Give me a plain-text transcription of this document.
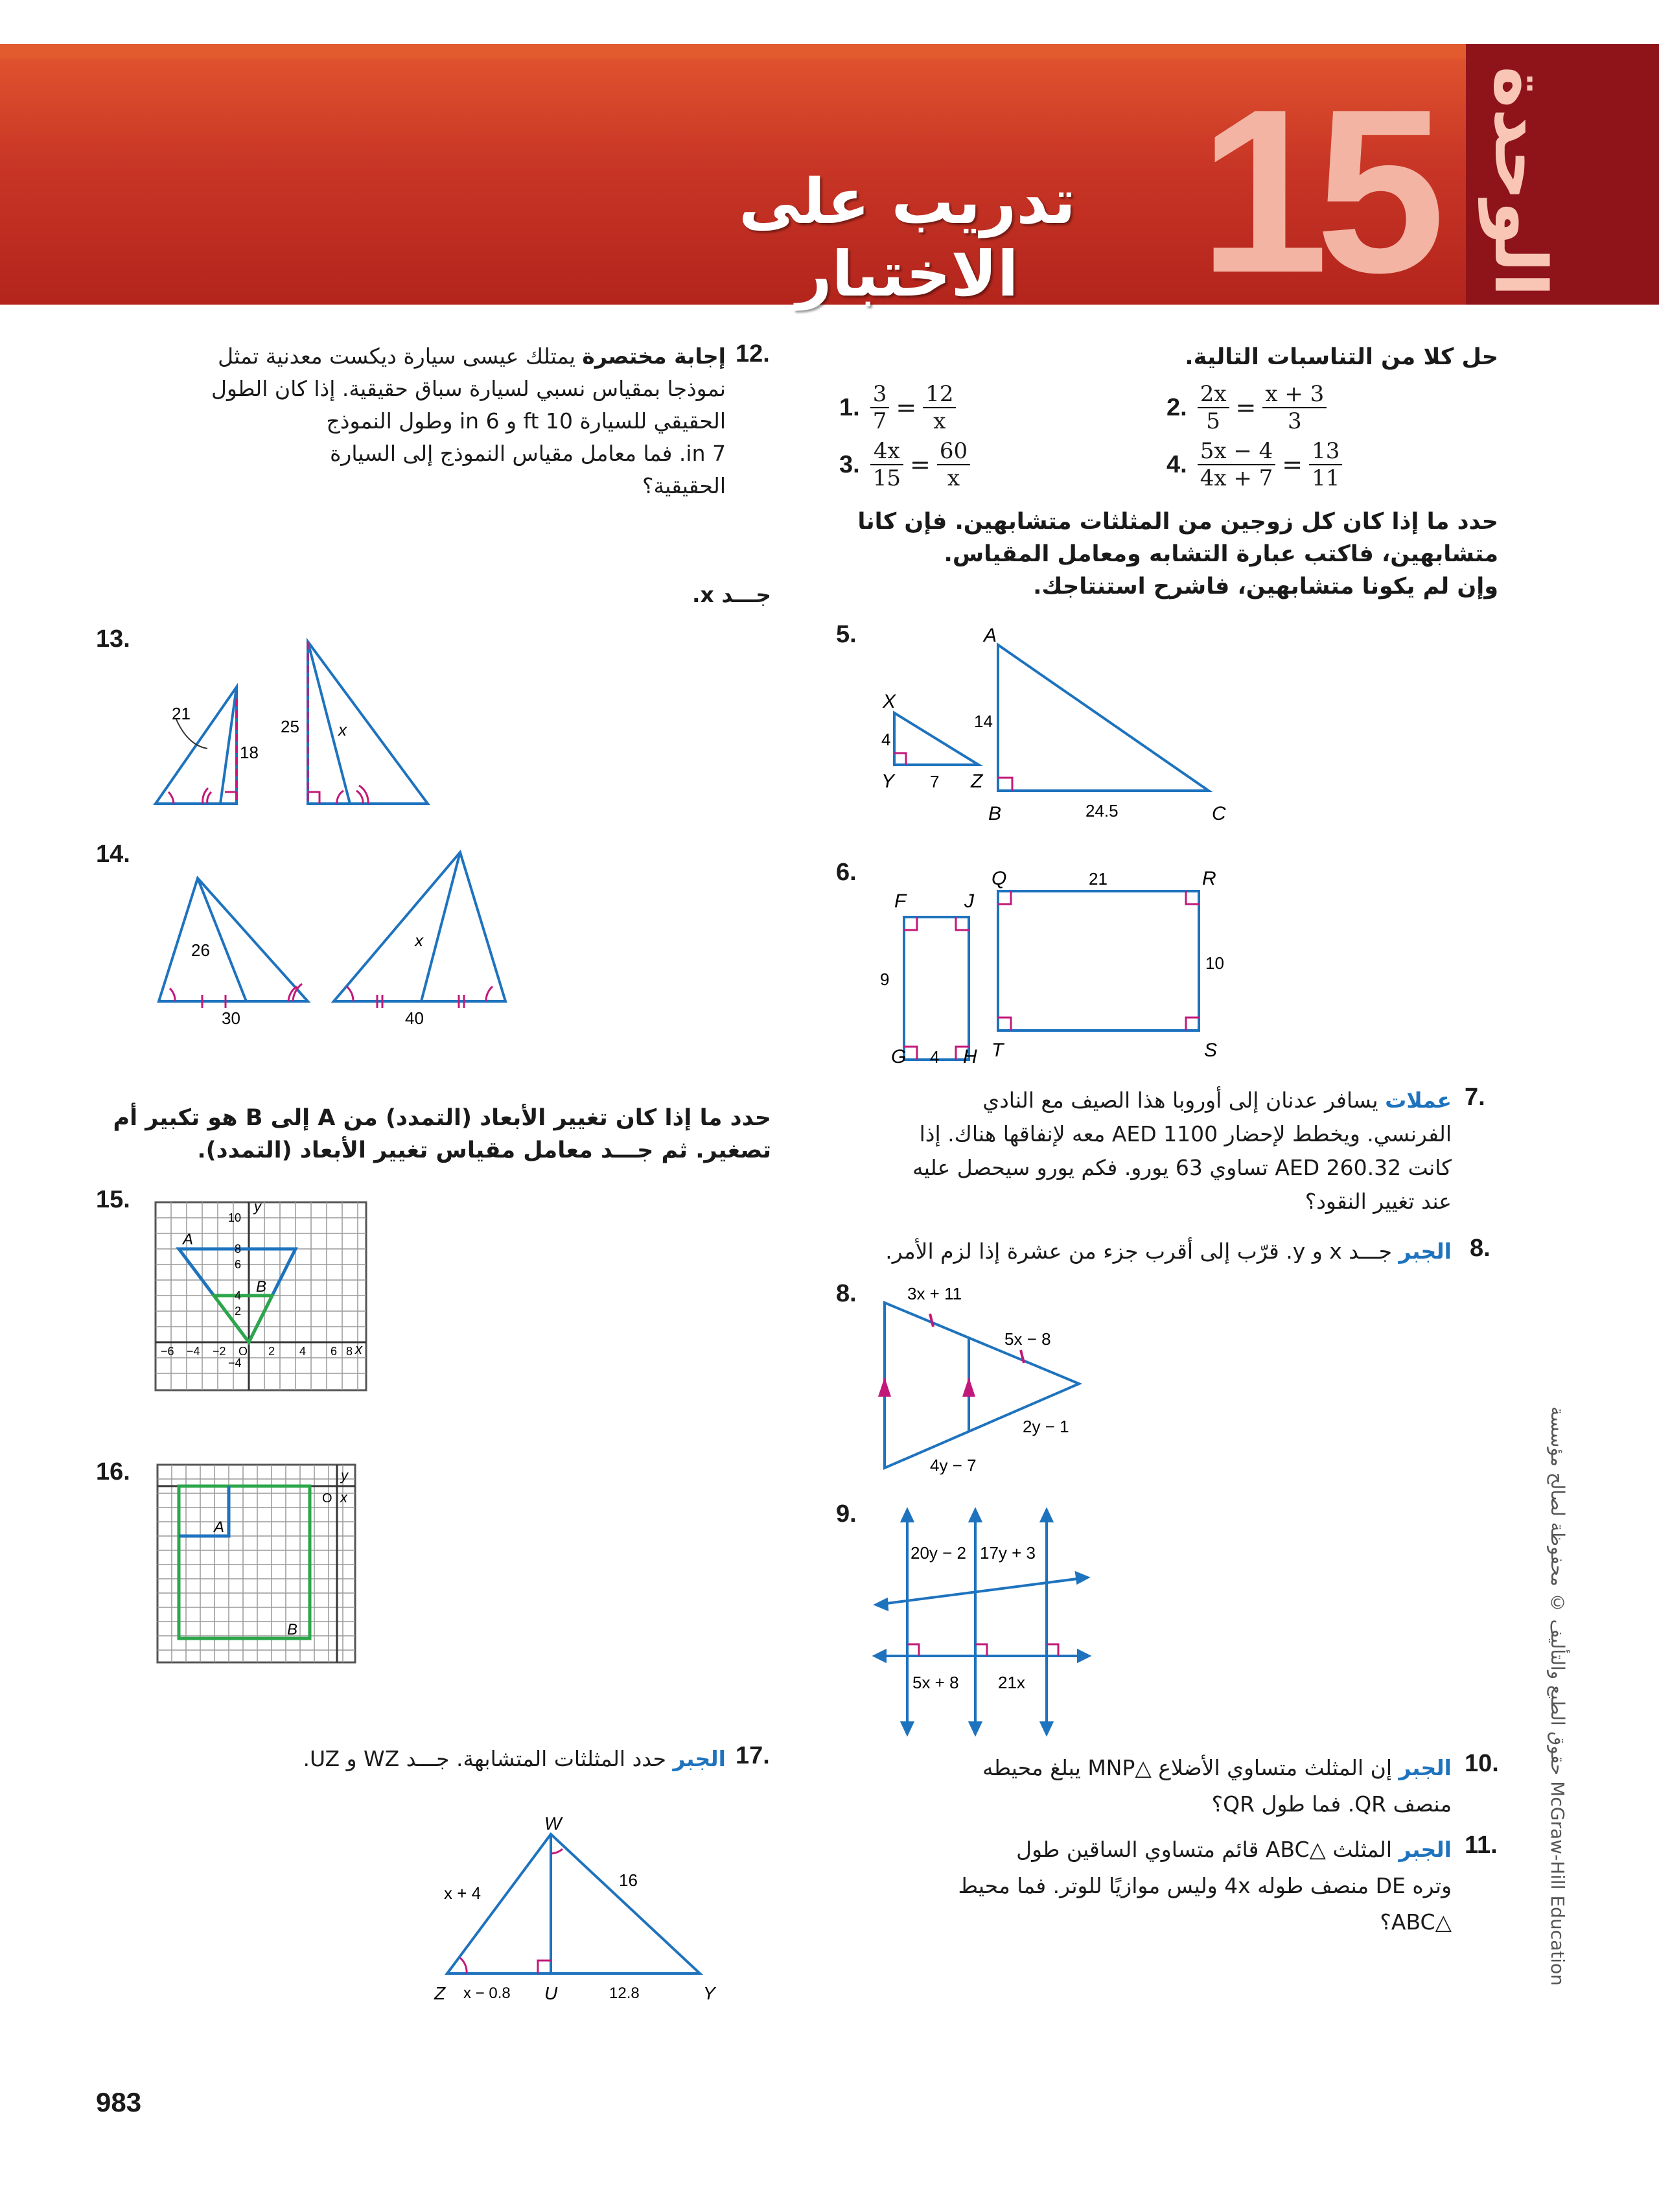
15 الوحدة
تدريب على الاختبار
حل كلا من التناسبات التالية.
1. $\frac{3}{7} = \frac{12}{x}$	2. $\frac{2x}{5} = \frac{x + 3}{3}$
3. $\frac{4x}{15} = \frac{60}{x}$	4. $\frac{5x - 4}{4x + 7} = \frac{13}{11}$
حدد ما إذا كان كل زوجين من المثلثات متشابهين. فإن كانا
متشابهين، فاكتب عبارة التشابه ومعامل المقياس.
وإن لم يكونا متشابهين، فاشرح استنتاجك.
5.
X
Y	Z
4
7
A
B	C
14
24.5
6.
F	J
G	H
9
4
Q	R
S
T
21
10
عملات يسافر عدنان إلى أوروبا هذا الصيف مع النادي
الفرنسي. ويخطط لإحضار AED 1100 معه لإنفاقها هناك. إذا
كانت AED 260.32 تساوي 63 يورو. فكم يورو سيحصل عليه
عند تغيير النقود؟
7.
الجبر جـــد x و y. قرّب إلى أقرب جزء من عشرة إذا لزم الأمر.	8.
8.	3x + 11
5x − 8
2y − 1
4y − 7
9.
20y − 2 17y + 3
5x + 8 21x
الجبر إن المثلث متساوي الأضلاع △MNP يبلغ محيطه
منصف QR. فما طول QR؟
10.
الجبر المثلث △ABC قائم متساوي الساقين طول
وتره DE منصف طوله 4x وليس موازيًا للوتر. فما محيط
△ABC؟
11.
إجابة مختصرة يمتلك عيسى سيارة ديكست معدنية تمثل
نموذجا بمقياس نسبي لسيارة سباق حقيقية. إذا كان الطول
الحقيقي للسيارة 10 ft و 6 in وطول النموذج
7 in. فما معامل مقياس النموذج إلى السيارة
الحقيقية؟
12.
جـــد x.
13.
21
18
25 x
14.
26
30
x
40
حدد ما إذا كان تغيير الأبعاد (التمدد) من A إلى B هو تكبير أم
تصغير. ثم جـــد معامل مقياس تغيير الأبعاد (التمدد).
15.
A
B
y
x
10
8
6
4
2
−4
−6 −4 −2 O 2 4 6 8
16.
A
B
y
x
O
الجبر حدد المثلثات المتشابهة. جـــد WZ و UZ.	17.
W
Z	U	Y
x + 4
16
x − 0.8	12.8
حقوق الطبع والتأليف © محفوظة لصالح مؤسسة McGraw-Hill Education
983
